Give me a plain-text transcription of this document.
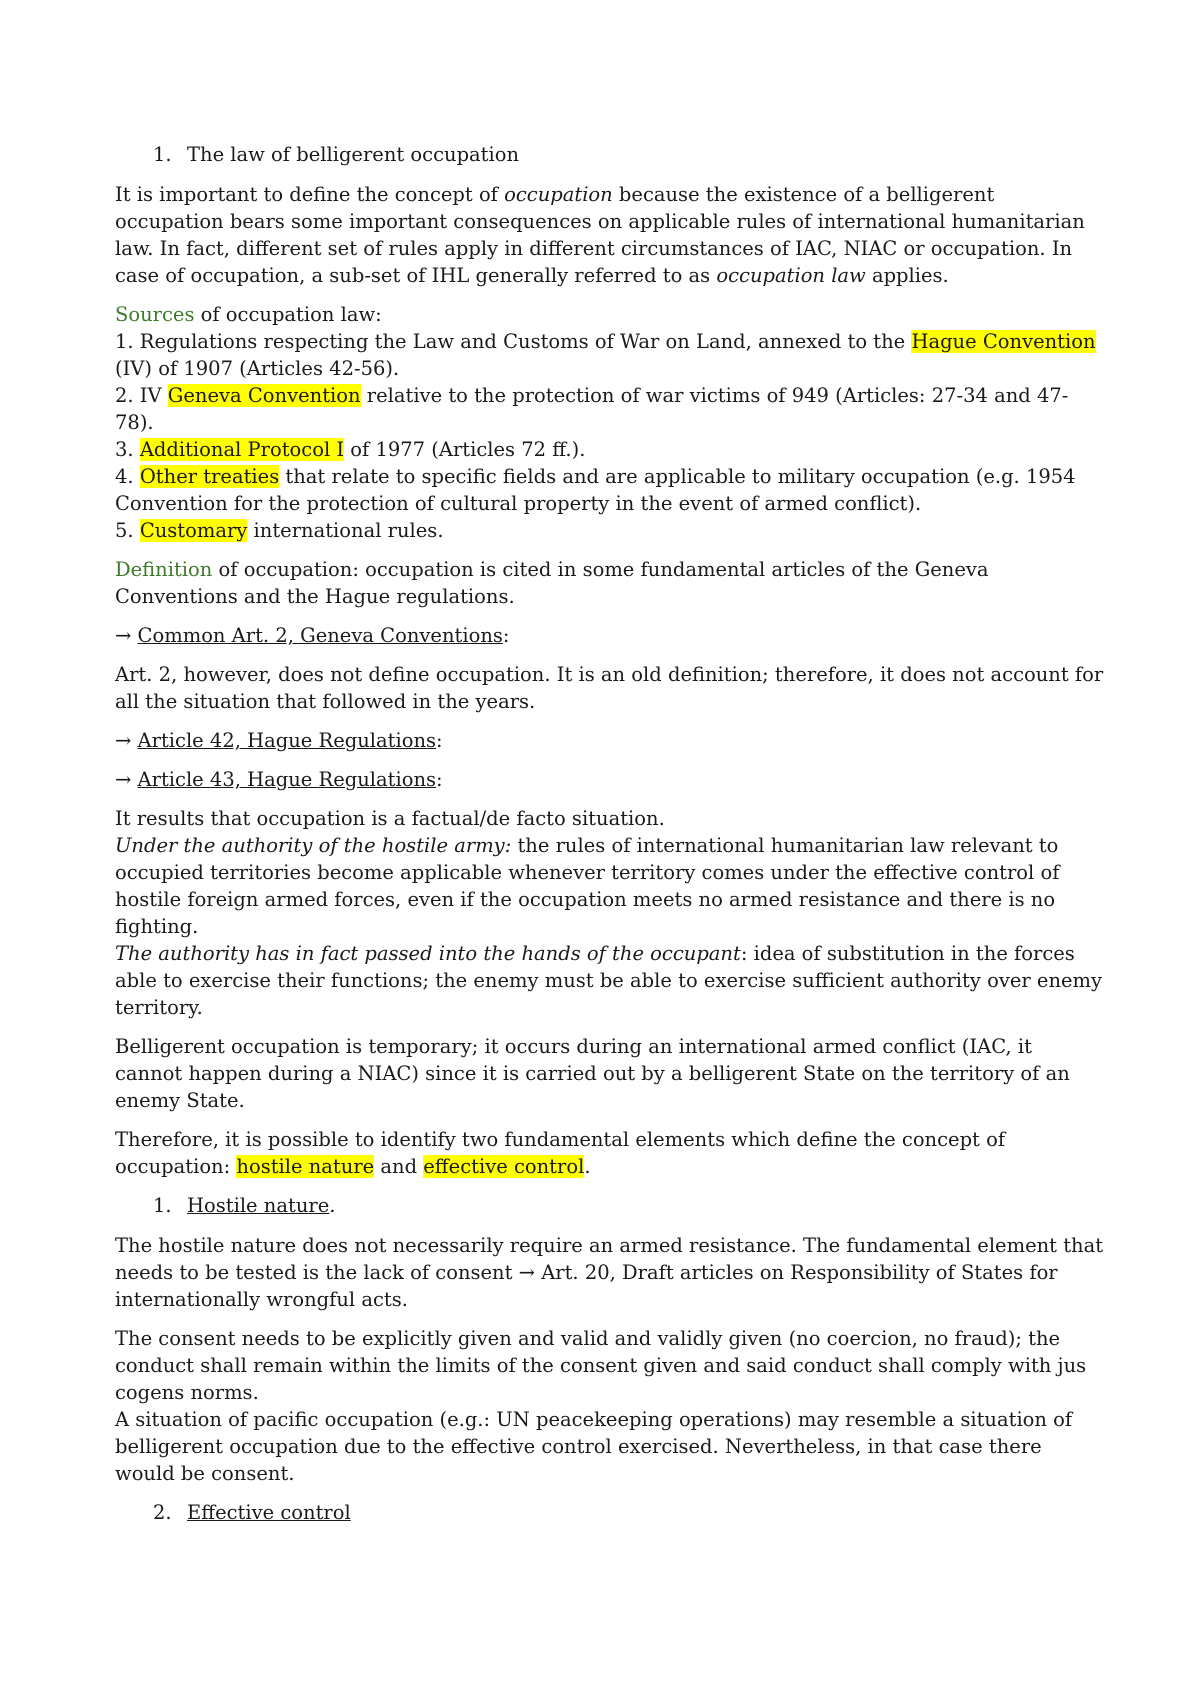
1. The law of belligerent occupation

It is important to define the concept of occupation because the existence of a belligerent occupation bears some important consequences on applicable rules of international humanitarian law. In fact, different set of rules apply in different circumstances of IAC, NIAC or occupation. In case of occupation, a sub-set of IHL generally referred to as occupation law applies.

Sources of occupation law:
1. Regulations respecting the Law and Customs of War on Land, annexed to the Hague Convention (IV) of 1907 (Articles 42-56).
2. IV Geneva Convention relative to the protection of war victims of 949 (Articles: 27-34 and 47-78).
3. Additional Protocol I of 1977 (Articles 72 ff.).
4. Other treaties that relate to specific fields and are applicable to military occupation (e.g. 1954 Convention for the protection of cultural property in the event of armed conflict).
5. Customary international rules.

Definition of occupation: occupation is cited in some fundamental articles of the Geneva Conventions and the Hague regulations.

→ Common Art. 2, Geneva Conventions:

Art. 2, however, does not define occupation. It is an old definition; therefore, it does not account for all the situation that followed in the years.

→ Article 42, Hague Regulations:

→ Article 43, Hague Regulations:

It results that occupation is a factual/de facto situation.
Under the authority of the hostile army: the rules of international humanitarian law relevant to occupied territories become applicable whenever territory comes under the effective control of hostile foreign armed forces, even if the occupation meets no armed resistance and there is no fighting.
The authority has in fact passed into the hands of the occupant: idea of substitution in the forces able to exercise their functions; the enemy must be able to exercise sufficient authority over enemy territory.

Belligerent occupation is temporary; it occurs during an international armed conflict (IAC, it cannot happen during a NIAC) since it is carried out by a belligerent State on the territory of an enemy State.

Therefore, it is possible to identify two fundamental elements which define the concept of occupation: hostile nature and effective control.

1. Hostile nature.

The hostile nature does not necessarily require an armed resistance. The fundamental element that needs to be tested is the lack of consent → Art. 20, Draft articles on Responsibility of States for internationally wrongful acts.

The consent needs to be explicitly given and valid and validly given (no coercion, no fraud); the conduct shall remain within the limits of the consent given and said conduct shall comply with jus cogens norms.
A situation of pacific occupation (e.g.: UN peacekeeping operations) may resemble a situation of belligerent occupation due to the effective control exercised. Nevertheless, in that case there would be consent.

2. Effective control
